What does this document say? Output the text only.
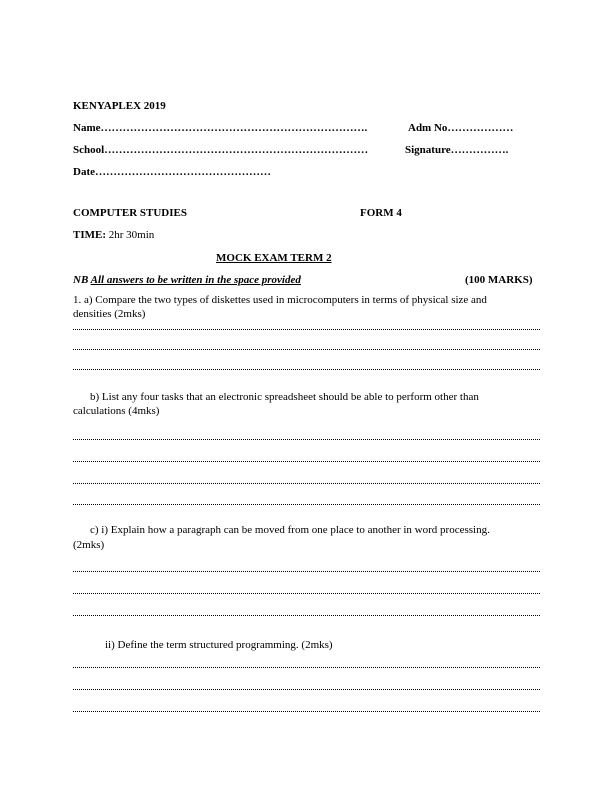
KENYAPLEX 2019
Name……………………………………………………………….	Adm No………………
School………………………………………………………………	Signature…………….
Date…………………………………………
COMPUTER STUDIES	FORM 4
TIME: 2hr 30min
MOCK EXAM TERM 2
NB All answers to be written in the space provided	(100 MARKS)
1. a) Compare the two types of diskettes used in microcomputers in terms of physical size and
densities (2mks)
b) List any four tasks that an electronic spreadsheet should be able to perform other than
calculations (4mks)
c) i) Explain how a paragraph can be moved from one place to another in word processing.
(2mks)
ii) Define the term structured programming. (2mks)
